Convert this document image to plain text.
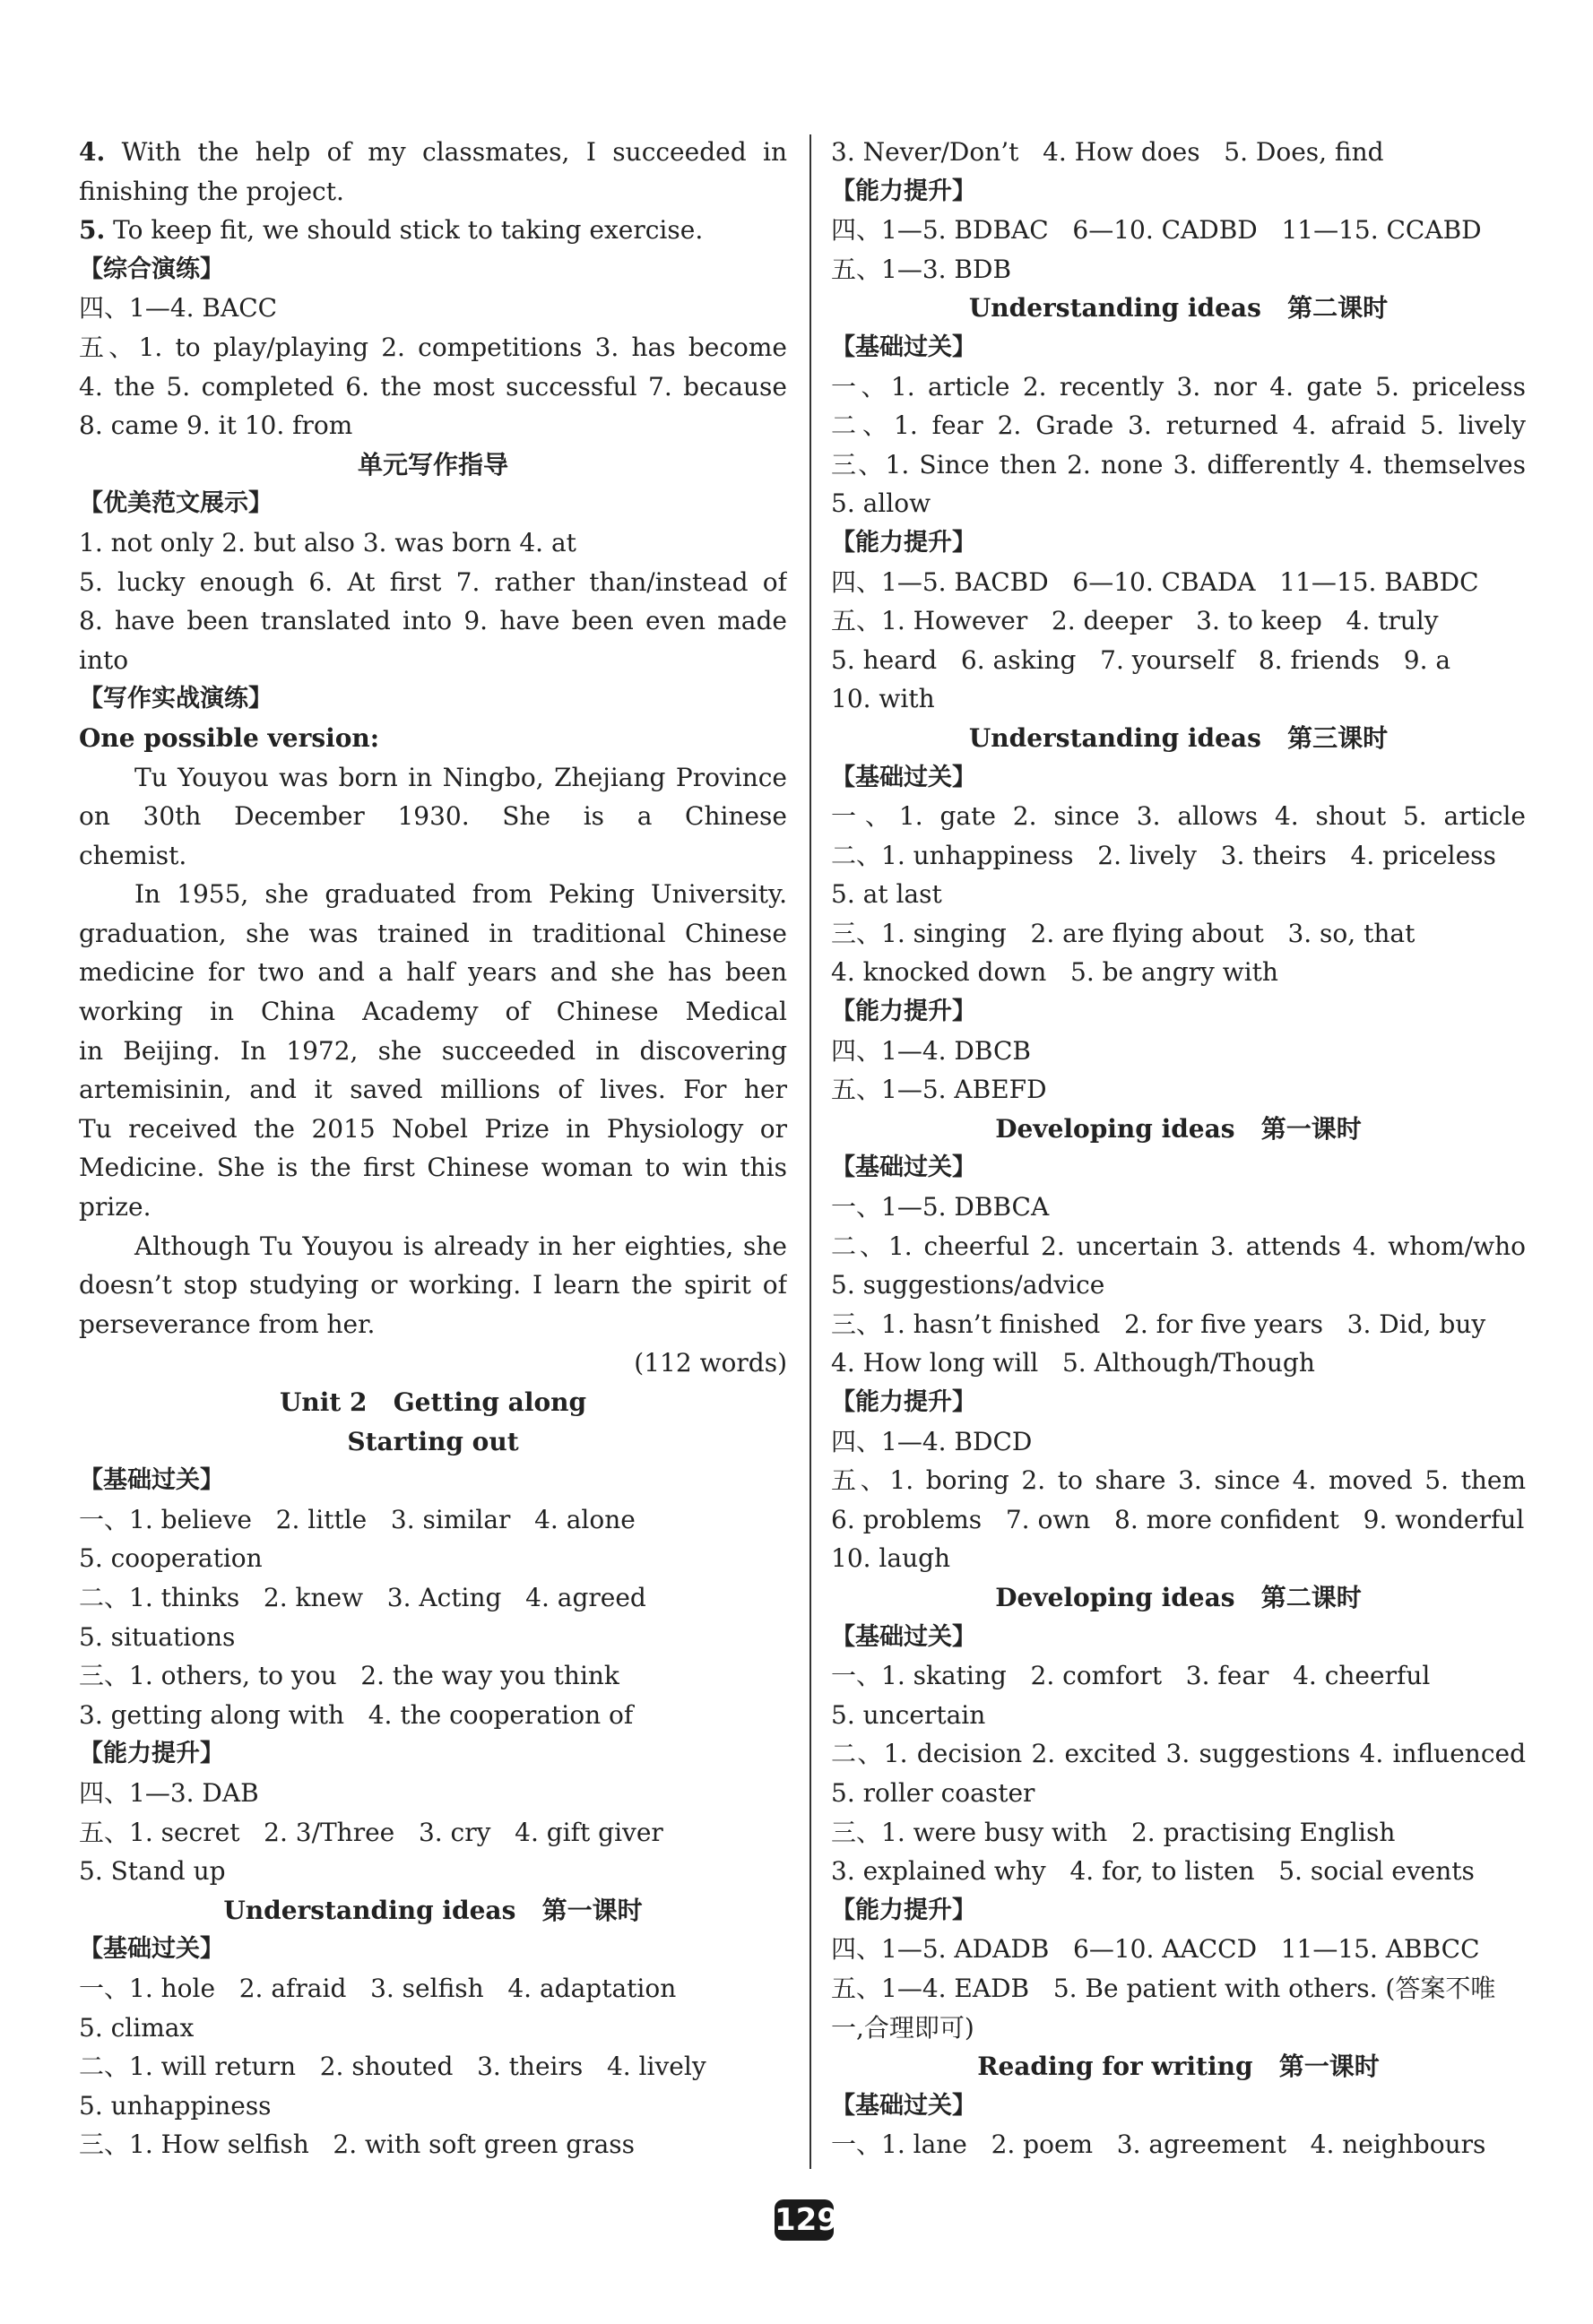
4. With the help of my classmates, I succeeded in
finishing the project.
5. To keep fit, we should stick to taking exercise.
【综合演练】
四、1—4. BACC
五、1. to play/playing 2. competitions 3. has become
4. the 5. completed 6. the most successful 7. because
8. came 9. it 10. from
单元写作指导
【优美范文展示】
1. not only 2. but also 3. was born 4. at
5. lucky enough 6. At first 7. rather than/instead of
8. have been translated into 9. have been even made
into
【写作实战演练】
One possible version:
Tu Youyou was born in Ningbo, Zhejiang Province
on 30th December 1930. She is a Chinese
chemist.
In 1955, she graduated from Peking University.
graduation, she was trained in traditional Chinese
medicine for two and a half years and she has been
working in China Academy of Chinese Medical
in Beijing. In 1972, she succeeded in discovering
artemisinin, and it saved millions of lives. For her
Tu received the 2015 Nobel Prize in Physiology or
Medicine. She is the first Chinese woman to win this
prize.
Although Tu Youyou is already in her eighties, she
doesn’t stop studying or working. I learn the spirit of
perseverance from her.
(112 words)
Unit 2   Getting along
Starting out
【基础过关】
一、1. believe   2. little   3. similar   4. alone
5. cooperation
二、1. thinks   2. knew   3. Acting   4. agreed
5. situations
三、1. others, to you   2. the way you think
3. getting along with   4. the cooperation of
【能力提升】
四、1—3. DAB
五、1. secret   2. 3/Three   3. cry   4. gift giver
5. Stand up
Understanding ideas   第一课时
【基础过关】
一、1. hole   2. afraid   3. selfish   4. adaptation
5. climax
二、1. will return   2. shouted   3. theirs   4. lively
5. unhappiness
三、1. How selfish   2. with soft green grass
3. Never/Don’t   4. How does   5. Does, find
【能力提升】
四、1—5. BDBAC   6—10. CADBD   11—15. CCABD
五、1—3. BDB
Understanding ideas   第二课时
【基础过关】
一、1. article 2. recently 3. nor 4. gate 5. priceless
二、1. fear 2. Grade 3. returned 4. afraid 5. lively
三、1. Since then 2. none 3. differently 4. themselves
5. allow
【能力提升】
四、1—5. BACBD   6—10. CBADA   11—15. BABDC
五、1. However   2. deeper   3. to keep   4. truly
5. heard   6. asking   7. yourself   8. friends   9. a
10. with
Understanding ideas   第三课时
【基础过关】
一、1. gate 2. since 3. allows 4. shout 5. article
二、1. unhappiness   2. lively   3. theirs   4. priceless
5. at last
三、1. singing   2. are flying about   3. so, that
4. knocked down   5. be angry with
【能力提升】
四、1—4. DBCB
五、1—5. ABEFD
Developing ideas   第一课时
【基础过关】
一、1—5. DBBCA
二、1. cheerful 2. uncertain 3. attends 4. whom/who
5. suggestions/advice
三、1. hasn’t finished   2. for five years   3. Did, buy
4. How long will   5. Although/Though
【能力提升】
四、1—4. BDCD
五、1. boring 2. to share 3. since 4. moved 5. them
6. problems   7. own   8. more confident   9. wonderful
10. laugh
Developing ideas   第二课时
【基础过关】
一、1. skating   2. comfort   3. fear   4. cheerful
5. uncertain
二、1. decision 2. excited 3. suggestions 4. influenced
5. roller coaster
三、1. were busy with   2. practising English
3. explained why   4. for, to listen   5. social events
【能力提升】
四、1—5. ADADB   6—10. AACCD   11—15. ABBCC
五、1—4. EADB   5. Be patient with others. (答案不唯
一,合理即可)
Reading for writing   第一课时
【基础过关】
一、1. lane   2. poem   3. agreement   4. neighbours
129
